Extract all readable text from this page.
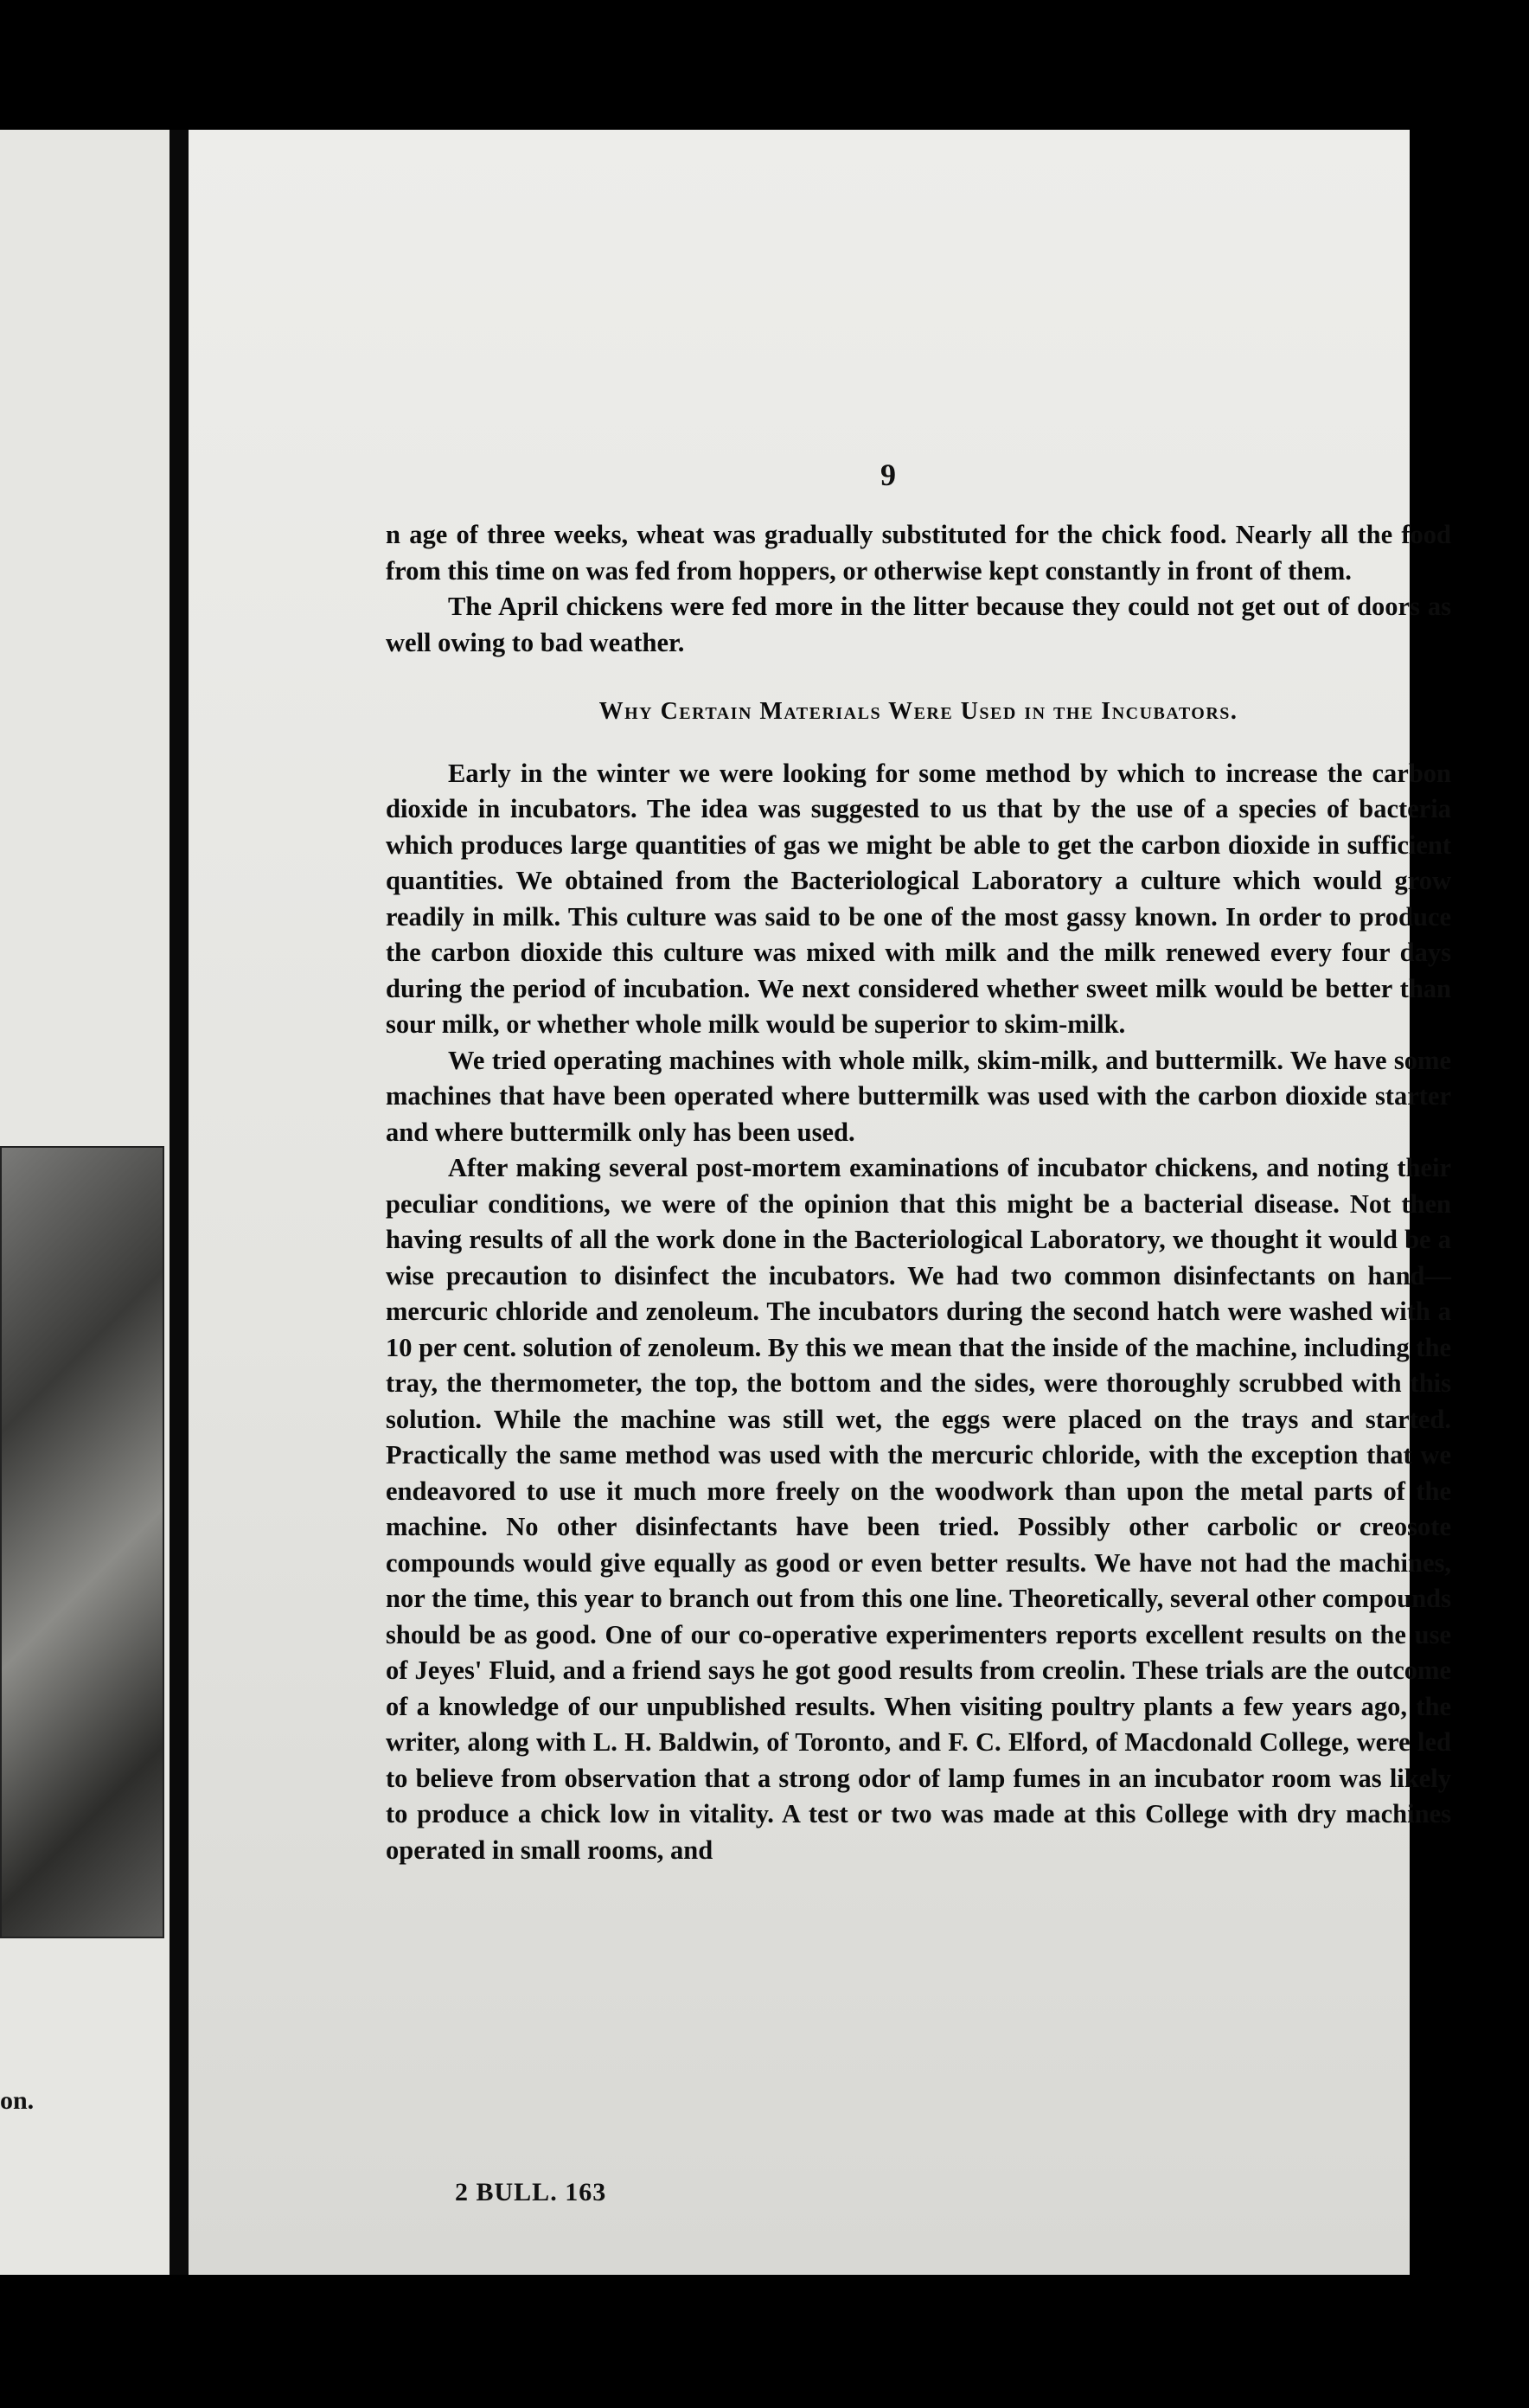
on.
9

n age of three weeks, wheat was gradually substituted for the chick food. Nearly all the food from this time on was fed from hoppers, or otherwise kept constantly in front of them.

The April chickens were fed more in the litter because they could not get out of doors as well owing to bad weather.

Why Certain Materials Were Used in the Incubators.

Early in the winter we were looking for some method by which to increase the carbon dioxide in incubators. The idea was suggested to us that by the use of a species of bacteria which produces large quantities of gas we might be able to get the carbon dioxide in sufficient quantities. We obtained from the Bacteriological Laboratory a culture which would grow readily in milk. This culture was said to be one of the most gassy known. In order to produce the carbon dioxide this culture was mixed with milk and the milk renewed every four days during the period of incubation. We next considered whether sweet milk would be better than sour milk, or whether whole milk would be superior to skim-milk.

We tried operating machines with whole milk, skim-milk, and buttermilk. We have some machines that have been operated where buttermilk was used with the carbon dioxide starter and where buttermilk only has been used.

After making several post-mortem examinations of incubator chickens, and noting their peculiar conditions, we were of the opinion that this might be a bacterial disease. Not then having results of all the work done in the Bacteriological Laboratory, we thought it would be a wise precaution to disinfect the incubators. We had two common disinfectants on hand—mercuric chloride and zenoleum. The incubators during the second hatch were washed with a 10 per cent. solution of zenoleum. By this we mean that the inside of the machine, including the tray, the thermometer, the top, the bottom and the sides, were thoroughly scrubbed with this solution. While the machine was still wet, the eggs were placed on the trays and started. Practically the same method was used with the mercuric chloride, with the exception that we endeavored to use it much more freely on the woodwork than upon the metal parts of the machine. No other disinfectants have been tried. Possibly other carbolic or creosote compounds would give equally as good or even better results. We have not had the machines, nor the time, this year to branch out from this one line. Theoretically, several other compounds should be as good. One of our co-operative experimenters reports excellent results on the use of Jeyes' Fluid, and a friend says he got good results from creolin. These trials are the outcome of a knowledge of our unpublished results. When visiting poultry plants a few years ago, the writer, along with L. H. Baldwin, of Toronto, and F. C. Elford, of Macdonald College, were led to believe from observation that a strong odor of lamp fumes in an incubator room was likely to produce a chick low in vitality. A test or two was made at this College with dry machines operated in small rooms, and

2 BULL. 163
